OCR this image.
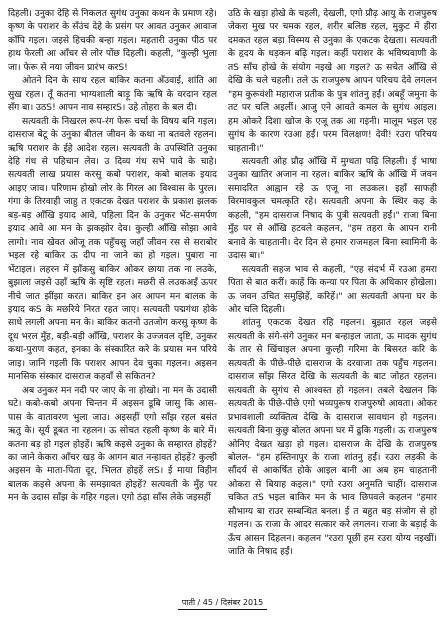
दिहली। उनुका देहि से निकलत सुगंध उनुका कथन के प्रमाण रहे। कृष्ण के पराशर के सँउंच देहे के प्रसंग पर आवत उनुकर आवाज काँपि गइल। जइसे हिचकी बन्हा गइल। महतारी उनुका पीठ पर हाथ फेरली आ आँचर से लोर पोंछ दिहली। कहली, "कुल्ही भुला जा। फेरू से नया जीवन प्रारंभ करS!

ओतने दिन के साथ रहल बाकिर कतना अँउवाई, शांति आ सुख रहल। तूँ कतना भाग्यशाली बाड़ू कि ऋषि के वरदान रहल सँग बा। उठS! आपन नाव सम्हारS। उहे तोहरा के बल दी।

सत्यवती के निखरल रूप-रंग फेरू चर्चा के विषय बनि गइल। दासराज बेटू के उनुका बीतल जीवन के कथा ना बतवले रहलन। ऋषि पराशर के ईहे आदेश रहल। सत्यवती के उपस्थिति उनुका देहि गंध से पहिचान लेव। उ दिव्य गंध सभे पावे के चाहे। सत्यवती लाख प्रयास करसु कबो पराशर, कबो बालक इयाद आइए जाव। परिणाम होखो लोर के गिरल आ विश्वास के पुरल। गंगा के तिरवाही जाहु त एकटक देखत पराशर के प्रकाश झलक बड़-बड़ आँखि इयाद आवे, पहिला दिन के उनुकर भेंट-समर्पण इयाद आवे आ मन के झकझोर देव। कुल्ही आँखि सोझा आवे लागो। नाव खेवत ओजू तक पहुँचसु जहाँ जीवन रस से सराबोर भइल रहे बाकिर ऊ दीप ना जाने का हो गइल। पुबारा ना भेंटाइल। लहरन में झाँकसु बाकिर ओकर छाया तक ना लउके, बुझाला जइसे उहाँ ऋषि के सृष्टि रहल। मछरी से लउकअइँ ऊपर नीचे जात झींझा करत। बाकिर इन अर आपन मन बालक के इयाद कS के मछरिये निरत रहत जाए। सत्यवती पद्मगंधा होके साधे लगली अपना मन के। बाकिर कतनो उतजोग करसु कृष्ण के दूध भरल मुँह, बड़ी-बड़ी आँखि, पराशर के उज्जवल दृष्टि, उनुकर कथा-पुराण कहत, इनका के संस्कारित करे के प्रयास मन परिये जाइ। जानि गइली कि पराशर आपन देव चुका गइलन। अइसन मानसिक संस्कार दासराज कहवाँ से सकितन?

अब उनुकर मन नदी पर जाए के ना होखो। ना मन के उदासी घटे। कबो-कबो अपना चिन्तन में अइसन डूबि जासु कि आस-पास के वातावरण भुला जाउ। अइसहीं एगो साँझ रहल बसंत ऋतु के। सूर्य डूबत ना रहलन। ऊ सोचत रहली कृष्ण के बारे में। कतना बड़ हो गइल होइहें। ऋषि कइसे उनुका के सम्हारत होइहें? का जाने केकरा आँचर खड़ के आगन बात नन्हावत होइहें? कुल्ही अइसन के माता-पिता दूर, भिलत होइहें लS। ई माया विहीन बालक कइसे अपना के समझावत होइहें? सत्यवती के मुँह पर मन के उदास साँझ के गहिर गइल। एगो ठंढ़ा साँस लेके जइसहीं

उठि के खड़ा होखे के चहली, देखली, एगो प्रौढ़ आयु के राजपुरुष जेकरा मुख पर चमक रहल, शरीर बलिष्ठ रहल, मुकुट में हीरा दमकत रहल बड़ा विस्मय से उनुका के एकटक देखता। सत्यवती के हृदय के धड़कन बढ़ि गइल। कहीं पराशर के भविष्यवाणी के तS साँच होखे के संयोग नइखे आ गइल? ऊ सचेत आँखि से देखि के चले चहली। तले ऊ राजपुरुष आपन परिचय देवे लगलन "हम कुरूवंशी महाराज प्रतीक के पुत्र शांतनु हईं। अबहूँ जमुना के तट पर चलि अइलीं। आजु एने आवते कमल के सुगंध आइल। हम ओकरे दिशा खोज के एजू तक आ गइनी। मालूम भइल एह सुगंध के कारण रउआ हईं। परम विलक्षण! देवी! रउरा परिचय चाहतानी।"

सत्यवती ओह प्रौढ़ आँखि में मुग्धता पढ़ि लिहली। ई भाषा उनुका खातिर अजान ना रहल। बाकिर ऋषि के आँखि में जवन समादरित आह्वान रहे ऊ एजू ना लउकल। इहाँ साफही विरमावकुल चमत्कृति रहे। सत्यवती अपना के स्थिर कइ के कहली, "हम दासराज निषाद के पुत्री सत्यवती हईं।" राजा बिना मुँह पर से आँखि हटवले कहलन, "हम तहरा के आपन रानी बनावे के चाहतानी। देर दिन से हमार राजमहल बिना स्वामिनी के उदास बा।"

सत्यवती सहज भाव से कहली, "एह संदर्भ में रउआ हमरा पिता से बात करीं। काहें कि कन्या पर पिता के अधिकार होखेला। ऊ जवन उचित समुझिहें, करिहें।" आ सत्यवती अपना घर के ओर चलि दिहली।

शांतनु एकटक देखत रहि गइलन। बुझात रहल जइसे सत्यवती के संगे-संगे उनुकर मन बन्हाइल जाता, ऊ मादक सुगंध के तार से खिंचाइल अपना कुल्ही गरिमा के बिसरत करि के सत्यवती के पीछे-पीछे दासराज के दरवाजा तक पहुँच गइलन। दासराज साँझ सिरत देखि के सत्यवती के बाट जोहत रहलन। सत्यवती के सुगंध से आश्वस्त हो गइलन। तबले देखलन कि सत्यवती के पीछे-पीछे एगो भव्यपुरूष राजपुरुषो आवता। ओकर प्रभावशाली व्यक्तित्व देखि के दासराज सावधान हो गइलन। सत्यवती बिना कुछु बोलत अपना घर में ढुकि गइली। ऊ राजपुरुष ओनिए देखत खड़ा हो गइल। दासराज के देखि के राजपुरुष बोलल- "हम हस्तिनापुर के राजा शांतनु हईं। रउरा लड़की के सौंदर्य से आकर्षित होके आइल बानी आ अब हम चाहतानी ओकरा से बियाह कइल।" एगो रउरा अनुमति चाहीं। दासराज चकित तS भइल बाकिर मन के भाव छिपवले कहलन "हमार सौभाग्य बा राउर सम्बन्धित बनल। ई त बहुत बड़ संजोग से हो गइलन। ऊ राजा के आदर सत्कार करे लगलन। राजा के बड़ाई के ऊँच आसन दिहलन। कहलन "रउरा पूछीं हम रउरा योग्य नइखीं। जाति के निषाद हईं।

पाती / 45 / दिसंबर 2015
